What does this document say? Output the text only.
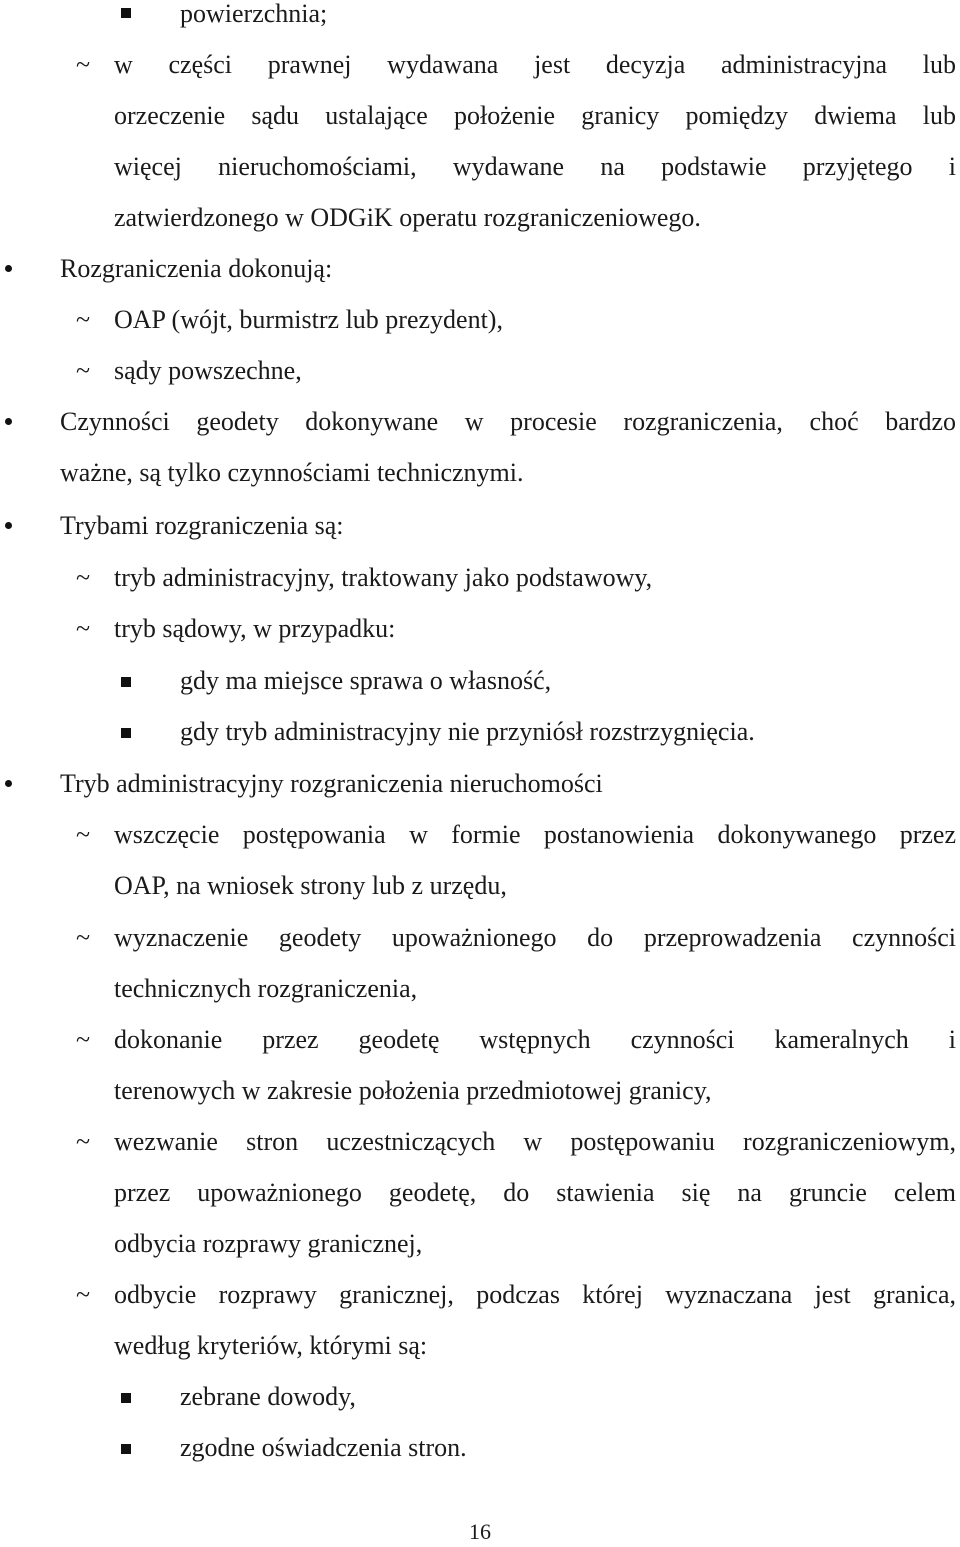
powierzchnia;
~ w części prawnej wydawana jest decyzja administracyjna lub
orzeczenie sądu ustalające położenie granicy pomiędzy dwiema lub
więcej nieruchomościami, wydawane na podstawie przyjętego i
zatwierdzonego w ODGiK operatu rozgraniczeniowego.
Rozgraniczenia dokonują:
~ OAP (wójt, burmistrz lub prezydent),
~ sądy powszechne,
Czynności geodety dokonywane w procesie rozgraniczenia, choć bardzo
ważne, są tylko czynnościami technicznymi.
Trybami rozgraniczenia są:
~ tryb administracyjny, traktowany jako podstawowy,
~ tryb sądowy, w przypadku:
gdy ma miejsce sprawa o własność,
gdy tryb administracyjny nie przyniósł rozstrzygnięcia.
Tryb administracyjny rozgraniczenia nieruchomości
~ wszczęcie postępowania w formie postanowienia dokonywanego przez
OAP, na wniosek strony lub z urzędu,
~ wyznaczenie geodety upoważnionego do przeprowadzenia czynności
technicznych rozgraniczenia,
~ dokonanie przez geodetę wstępnych czynności kameralnych i
terenowych w zakresie położenia przedmiotowej granicy,
~ wezwanie stron uczestniczących w postępowaniu rozgraniczeniowym,
przez upoważnionego geodetę, do stawienia się na gruncie celem
odbycia rozprawy granicznej,
~ odbycie rozprawy granicznej, podczas której wyznaczana jest granica,
według kryteriów, którymi są:
zebrane dowody,
zgodne oświadczenia stron.
16
